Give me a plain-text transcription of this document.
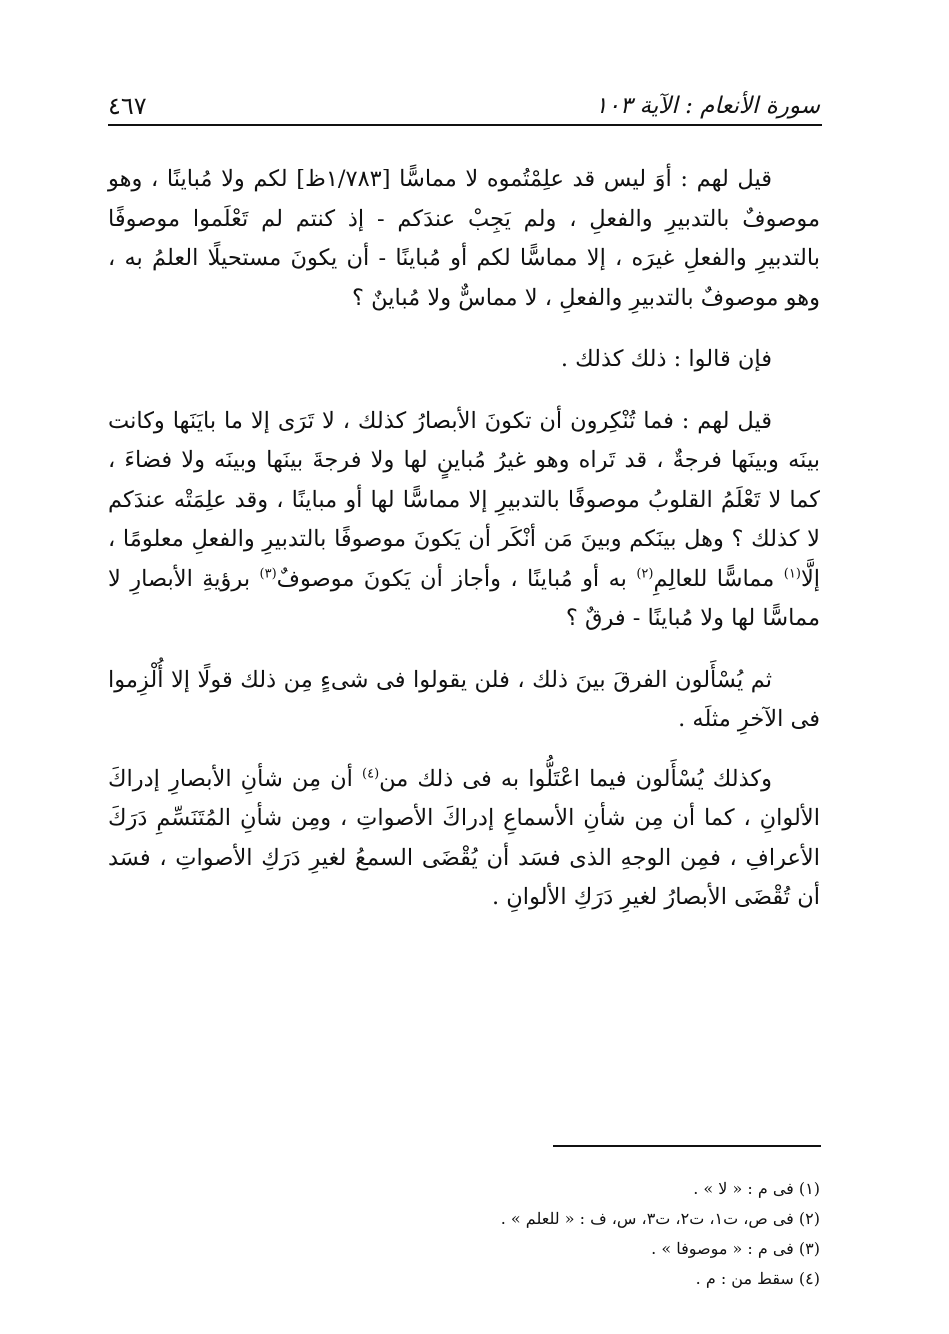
٤٦٧	سورة الأنعام : الآية ١٠٣

قيل لهم : أوَ ليس قد علِمْتُموه لا مماسًّا [١/٧٨٣ظ] لكم ولا مُباينًا ، وهو موصوفٌ بالتدبيرِ والفعلِ ، ولم يَجِبْ عندَكم - إذ كنتم لم تَعْلَموا موصوفًا بالتدبيرِ والفعلِ غيرَه ، إلا مماسًّا لكم أو مُباينًا - أن يكونَ مستحيلًا العلمُ به ، وهو موصوفٌ بالتدبيرِ والفعلِ ، لا مماسٌّ ولا مُباينٌ ؟

فإن قالوا : ذلك كذلك .

قيل لهم : فما تُنْكِرون أن تكونَ الأبصارُ كذلك ، لا تَرَى إلا ما بايَنَها وكانت بينَه وبينَها فرجةٌ ، قد تَراه وهو غيرُ مُباينٍ لها ولا فرجةَ بينَها وبينَه ولا فضاءَ ، كما لا تَعْلَمُ القلوبُ موصوفًا بالتدبيرِ إلا مماسًّا لها أو مباينًا ، وقد علِمَتْه عندَكم لا كذلك ؟ وهل بينَكم وبينَ مَن أنْكَر أن يَكونَ موصوفًا بالتدبيرِ والفعلِ معلومًا ، إلَّا$^{(١)}$ مماسًّا للعالِمِ$^{(٢)}$ به أو مُباينًا ، وأجاز أن يَكونَ موصوفٌ$^{(٣)}$ برؤيةِ الأبصارِ لا مماسًّا لها ولا مُباينًا - فرقٌ ؟

ثم يُسْأَلون الفرقَ بينَ ذلك ، فلن يقولوا فى شىءٍ مِن ذلك قولًا إلا أُلْزِموا فى الآخرِ مثلَه .

وكذلك يُسْأَلون فيما اعْتَلُّوا به فى ذلك من$^{(٤)}$ أن مِن شأنِ الأبصارِ إدراكَ الألوانِ ، كما أن مِن شأنِ الأسماعِ إدراكَ الأصواتِ ، ومِن شأنِ المُتَنَسِّمِ دَرَكَ الأعرافِ ، فمِن الوجهِ الذى فسَد أن يُقْضَى السمعُ لغيرِ دَرَكِ الأصواتِ ، فسَد أن تُقْضَى الأبصارُ لغيرِ دَرَكِ الألوانِ .

(١) فى م : « لا » .
(٢) فى ص، ت١، ت٢، ت٣، س، ف : « للعلم » .
(٣) فى م : « موصوفا » .
(٤) سقط من : م .
